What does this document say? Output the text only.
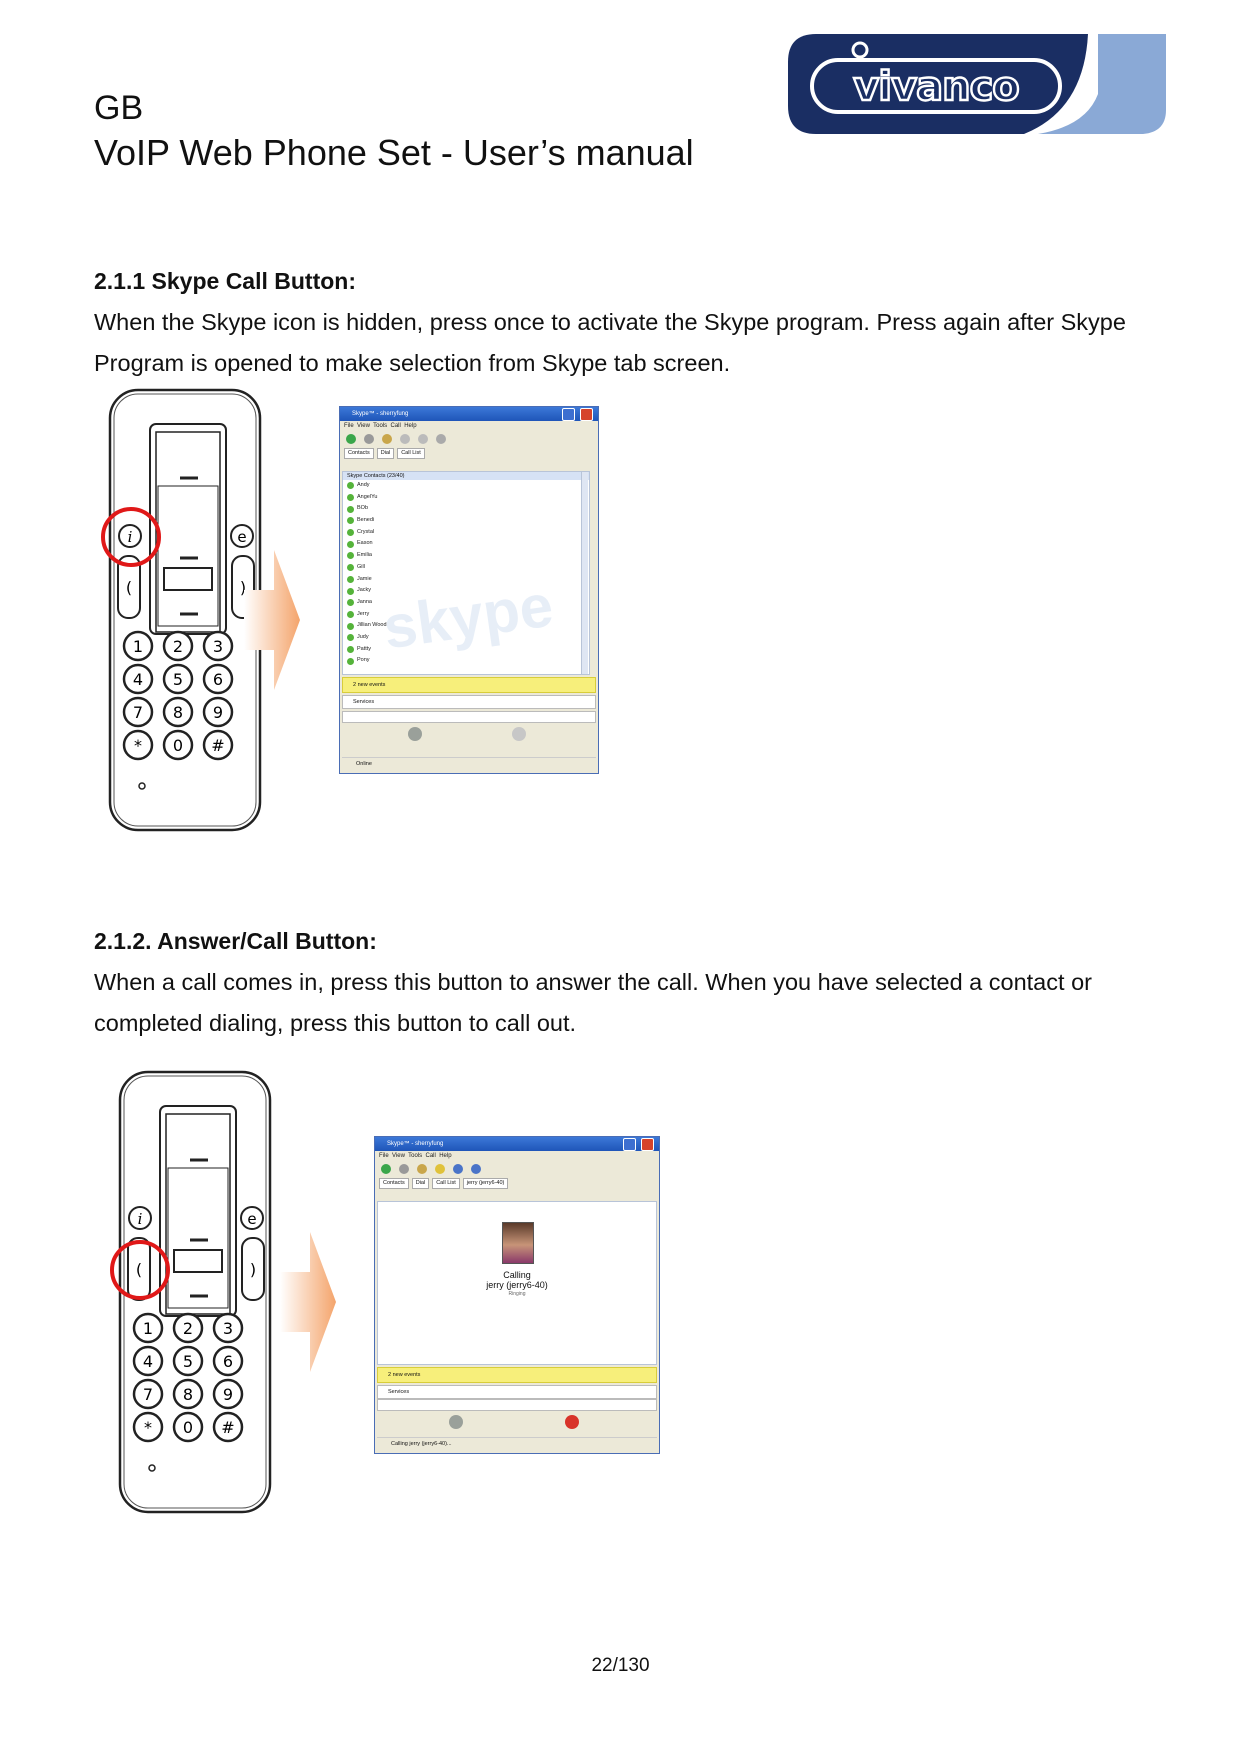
GB
VoIP Web Phone Set - User’s manual
vivanco
2.1.1 Skype Call Button:
When the Skype icon is hidden, press once to activate the Skype program. Press again after Skype
Program is opened to make selection from Skype tab screen.
(	)
i	e
1 2 3
4 5 6
7 8 9
* 0 #
Skype™ - sherryfung
File View Tools Call Help
Contacts	Dial	Call List
skype
Skype Contacts (23/40)
Andy
AngelYu
BOb
Benedi
Crystal
Eason
Emilia
Gill
Jamie
Jacky
Janna
Jerry
Jillian Wood
Judy
Pattty
Pony
2 new events
Services
Online
2.1.2. Answer/Call Button:
When a call comes in, press this button to answer the call. When you have selected a contact or
completed dialing, press this button to call out.
(	)
i	e
1 2 3
4 5 6
7 8 9
* 0 #
Skype™ - sherryfung
File View Tools Call Help
Contacts	Dial	Call List	jerry (jerry6-40)
Calling
jerry (jerry6-40)
Ringing
2 new events
Services
Calling jerry (jerry6-40)...
22/130
